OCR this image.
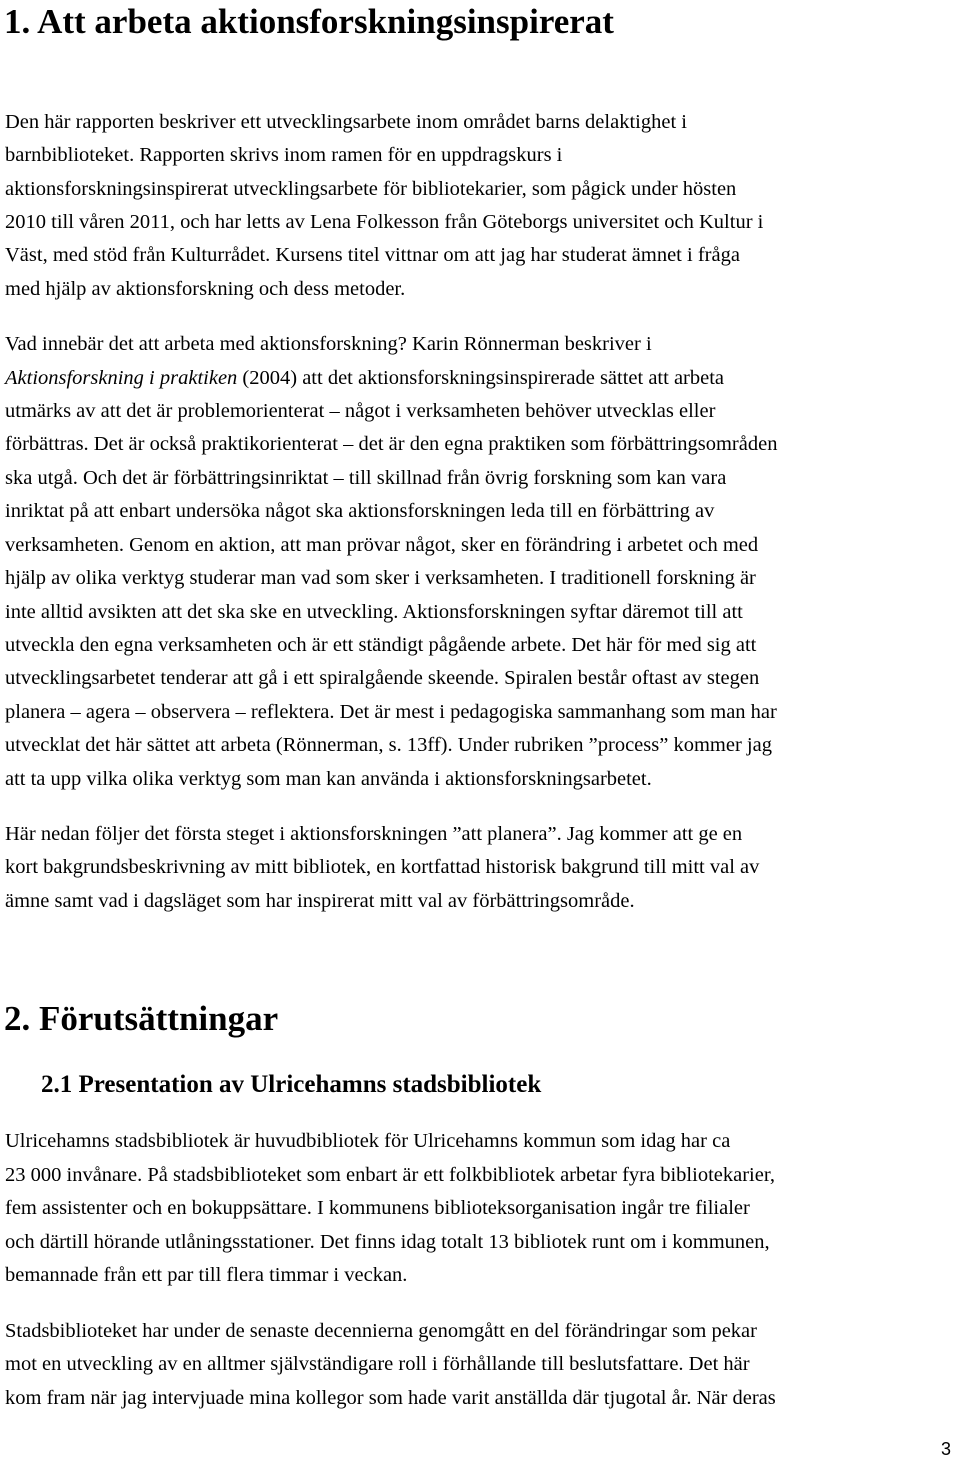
1. Att arbeta aktionsforskningsinspirerat
Den här rapporten beskriver ett utvecklingsarbete inom området barns delaktighet i
barnbiblioteket. Rapporten skrivs inom ramen för en uppdragskurs i
aktionsforskningsinspirerat utvecklingsarbete för bibliotekarier, som pågick under hösten
2010 till våren 2011, och har letts av Lena Folkesson från Göteborgs universitet och Kultur i
Väst, med stöd från Kulturrådet. Kursens titel vittnar om att jag har studerat ämnet i fråga
med hjälp av aktionsforskning och dess metoder.
Vad innebär det att arbeta med aktionsforskning? Karin Rönnerman beskriver i
Aktionsforskning i praktiken (2004) att det aktionsforskningsinspirerade sättet att arbeta
utmärks av att det är problemorienterat – något i verksamheten behöver utvecklas eller
förbättras. Det är också praktikorienterat – det är den egna praktiken som förbättringsområden
ska utgå. Och det är förbättringsinriktat – till skillnad från övrig forskning som kan vara
inriktat på att enbart undersöka något ska aktionsforskningen leda till en förbättring av
verksamheten. Genom en aktion, att man prövar något, sker en förändring i arbetet och med
hjälp av olika verktyg studerar man vad som sker i verksamheten. I traditionell forskning är
inte alltid avsikten att det ska ske en utveckling. Aktionsforskningen syftar däremot till att
utveckla den egna verksamheten och är ett ständigt pågående arbete. Det här för med sig att
utvecklingsarbetet tenderar att gå i ett spiralgående skeende. Spiralen består oftast av stegen
planera – agera – observera – reflektera. Det är mest i pedagogiska sammanhang som man har
utvecklat det här sättet att arbeta (Rönnerman, s. 13ff). Under rubriken ”process” kommer jag
att ta upp vilka olika verktyg som man kan använda i aktionsforskningsarbetet.
Här nedan följer det första steget i aktionsforskningen ”att planera”. Jag kommer att ge en
kort bakgrundsbeskrivning av mitt bibliotek, en kortfattad historisk bakgrund till mitt val av
ämne samt vad i dagsläget som har inspirerat mitt val av förbättringsområde.
2. Förutsättningar
2.1 Presentation av Ulricehamns stadsbibliotek
Ulricehamns stadsbibliotek är huvudbibliotek för Ulricehamns kommun som idag har ca
23 000 invånare. På stadsbiblioteket som enbart är ett folkbibliotek arbetar fyra bibliotekarier,
fem assistenter och en bokuppsättare. I kommunens biblioteksorganisation ingår tre filialer
och därtill hörande utlåningsstationer. Det finns idag totalt 13 bibliotek runt om i kommunen,
bemannade från ett par till flera timmar i veckan.
Stadsbiblioteket har under de senaste decennierna genomgått en del förändringar som pekar
mot en utveckling av en alltmer självständigare roll i förhållande till beslutsfattare. Det här
kom fram när jag intervjuade mina kollegor som hade varit anställda där tjugotal år. När deras
3
